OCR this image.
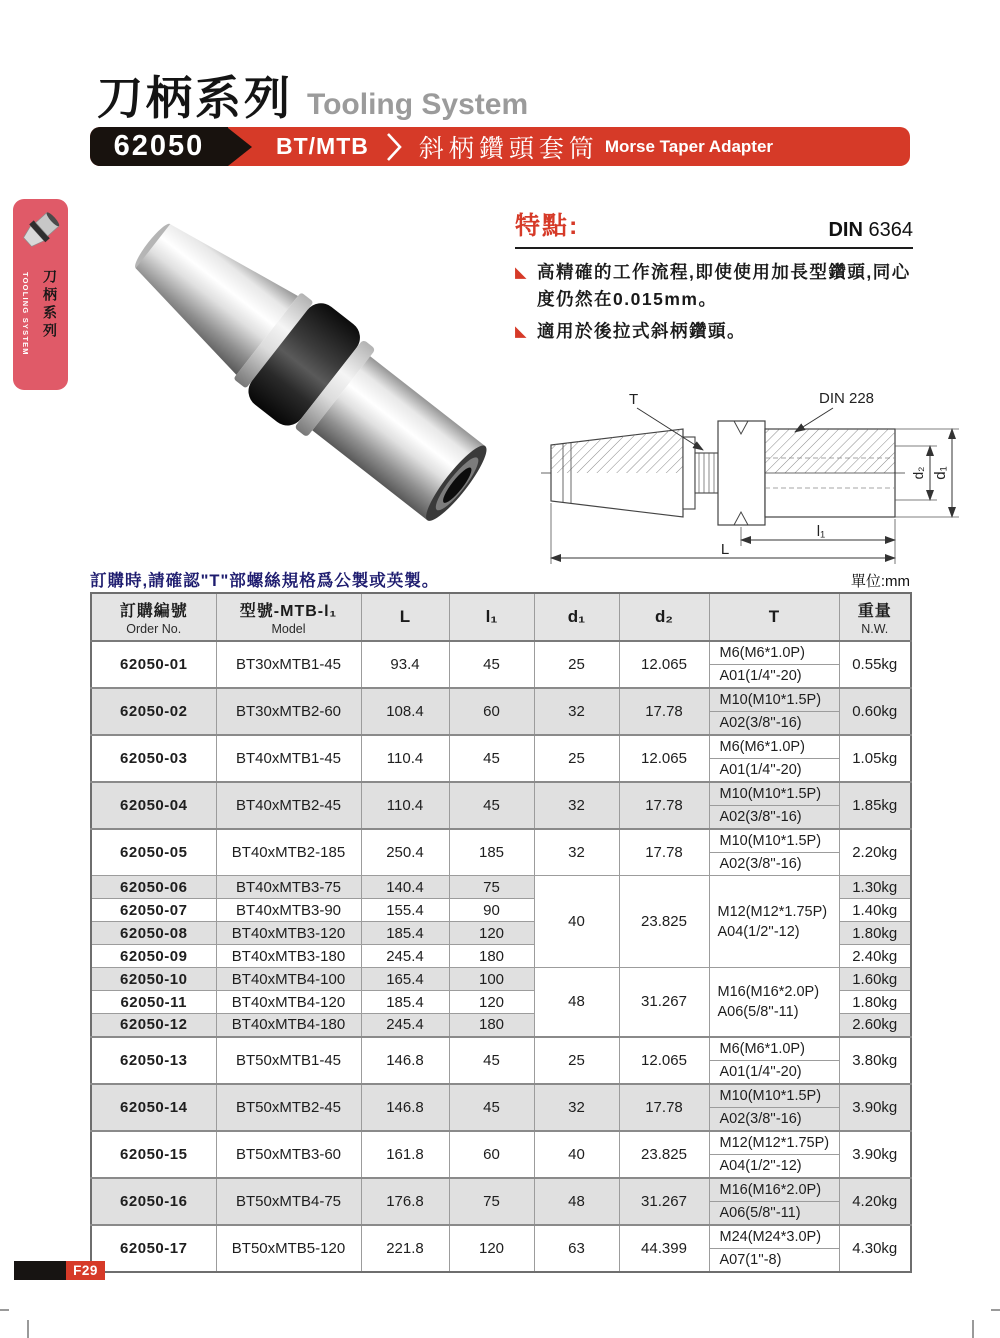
刀柄系列 Tooling System
62050	BT/MTB 斜柄鑽頭套筒 Morse Taper Adapter
TOOLING SYSTEM 刀柄系列
特點:	DIN 6364
◣ 高精確的工作流程,即使使用加長型鑽頭,同心度仍然在0.015mm。
◣ 適用於後拉式斜柄鑽頭。
T	DIN 228
d₂ d₁
l₁
L
訂購時,請確認"T"部螺絲規格爲公製或英製。	單位:mm
訂購編號
Order No.

型號-MTB-l₁
Model
	L	l₁	d₁	d₂	T	重量
N.W.

62050-01	BT30xMTB1-45	93.4	45	25	12.065	M6(M6*1.0P)
A01(1/4''-20)	0.55kg
62050-02	BT30xMTB2-60	108.4	60	32	17.78	M10(M10*1.5P)
A02(3/8''-16)	0.60kg
62050-03	BT40xMTB1-45	110.4	45	25	12.065	M6(M6*1.0P)
A01(1/4''-20)	1.05kg
62050-04	BT40xMTB2-45	110.4	45	32	17.78	M10(M10*1.5P)
A02(3/8''-16)	1.85kg
62050-05	BT40xMTB2-185	250.4	185	32	17.78	M10(M10*1.5P)
A02(3/8''-16)	2.20kg
62050-06	BT40xMTB3-75	140.4	75	40	23.825	M12(M12*1.75P)
A04(1/2''-12)	1.30kg
62050-07	BT40xMTB3-90	155.4	90				1.40kg
62050-08	BT40xMTB3-120	185.4	120				1.80kg
62050-09	BT40xMTB3-180	245.4	180				2.40kg
62050-10	BT40xMTB4-100	165.4	100	48	31.267	M16(M16*2.0P)
A06(5/8''-11)	1.60kg
62050-11	BT40xMTB4-120	185.4	120				1.80kg
62050-12	BT40xMTB4-180	245.4	180				2.60kg
62050-13	BT50xMTB1-45	146.8	45	25	12.065	M6(M6*1.0P)
A01(1/4''-20)	3.80kg
62050-14	BT50xMTB2-45	146.8	45	32	17.78	M10(M10*1.5P)
A02(3/8''-16)	3.90kg
62050-15	BT50xMTB3-60	161.8	60	40	23.825	M12(M12*1.75P)
A04(1/2''-12)	3.90kg
62050-16	BT50xMTB4-75	176.8	75	48	31.267	M16(M16*2.0P)
A06(5/8''-11)	4.20kg
62050-17	BT50xMTB5-120	221.8	120	63	44.399	M24(M24*3.0P)
A07(1''-8)	4.30kg
F29
